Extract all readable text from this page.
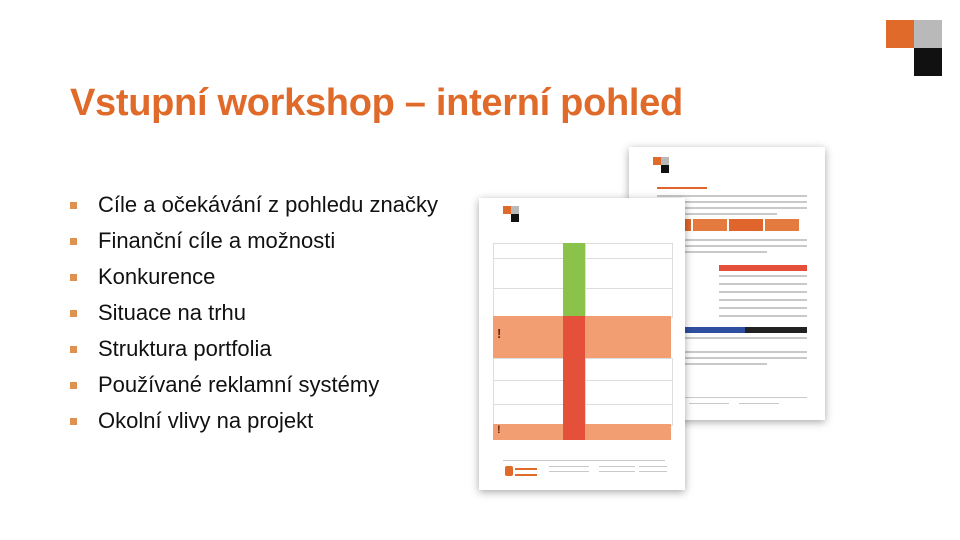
Vstupní workshop – interní pohled
Cíle a očekávání z pohledu značky
Finanční cíle a možnosti
Konkurence
Situace na trhu
Struktura portfolia
Používané reklamní systémy
Okolní vlivy na projekt
!
!
